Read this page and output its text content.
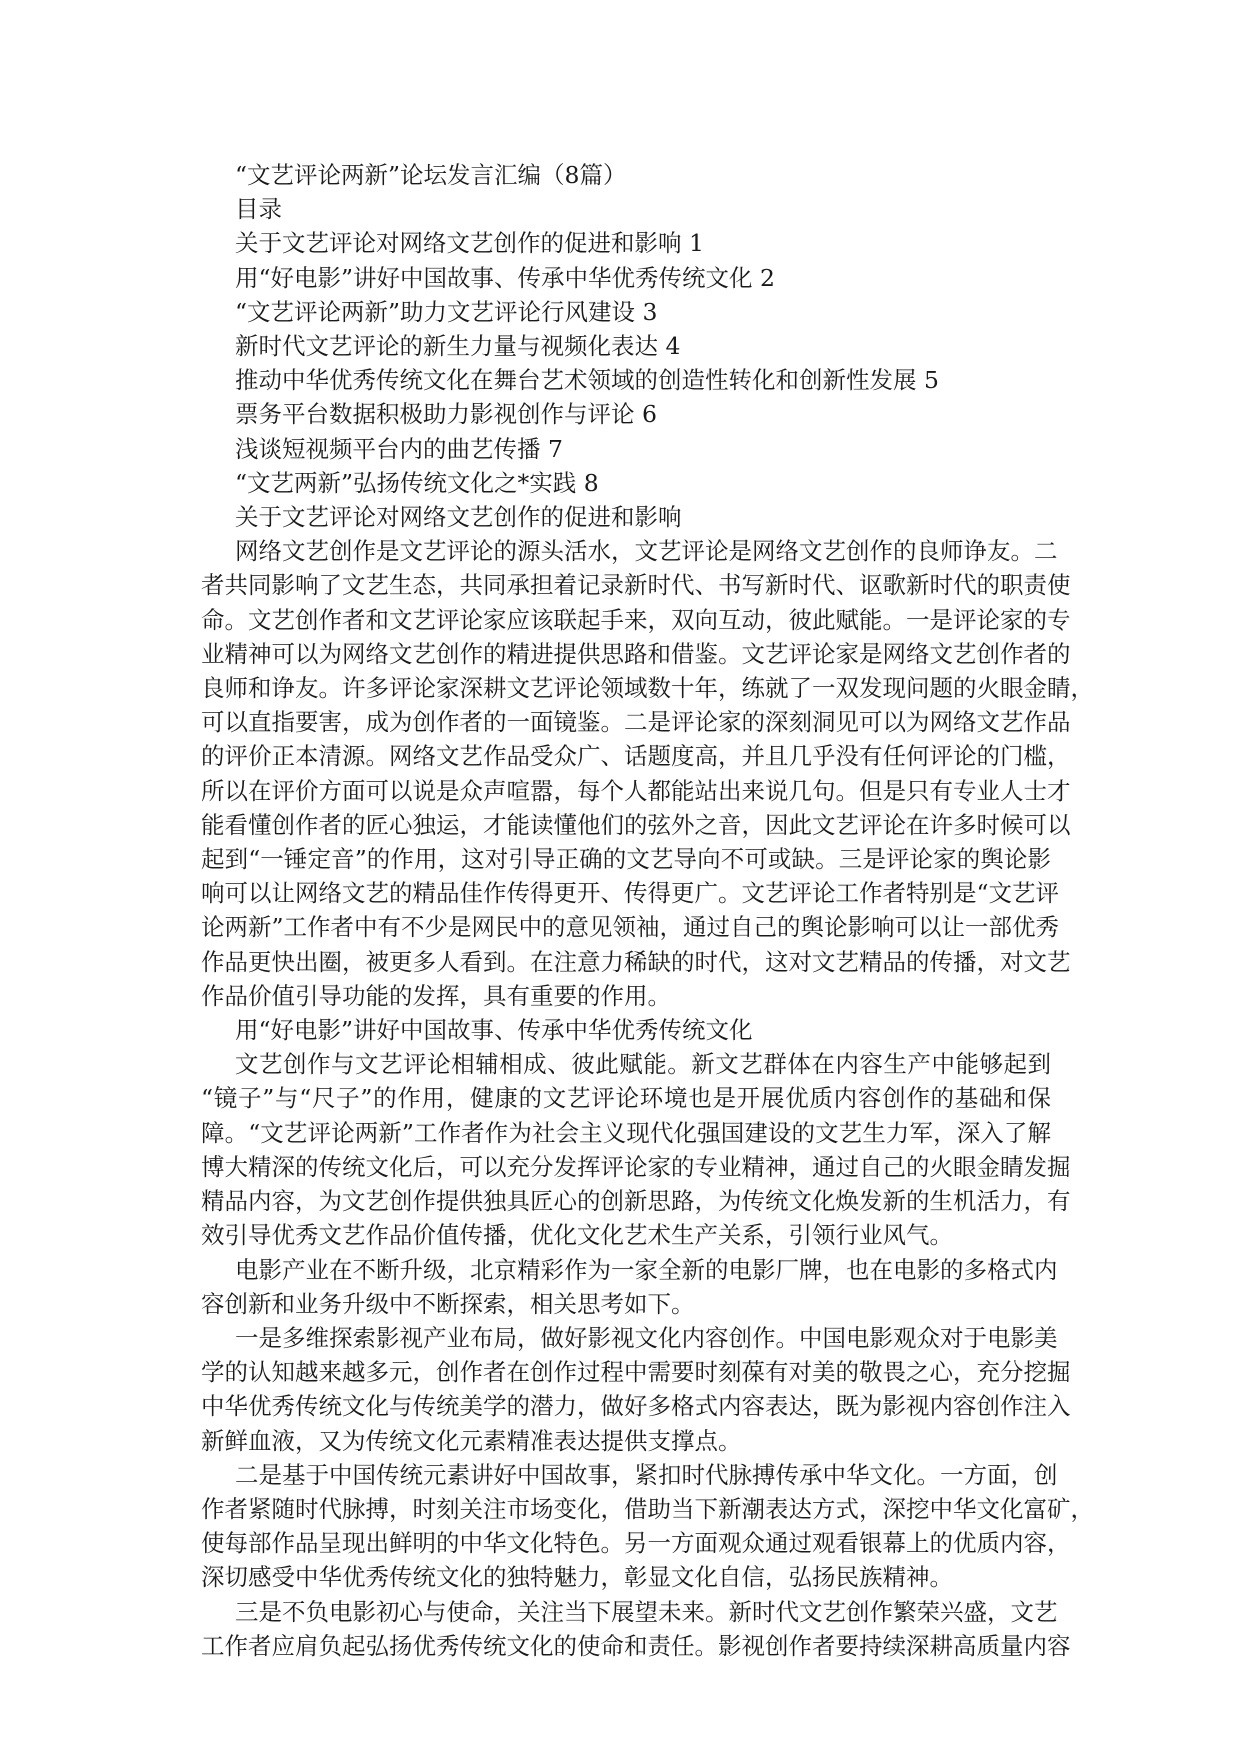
“文艺评论两新”论坛发言汇编（8篇）
目录
关于文艺评论对网络文艺创作的促进和影响 1
用“好电影”讲好中国故事、传承中华优秀传统文化 2
“文艺评论两新”助力文艺评论行风建设 3
新时代文艺评论的新生力量与视频化表达 4
推动中华优秀传统文化在舞台艺术领域的创造性转化和创新性发展 5
票务平台数据积极助力影视创作与评论 6
浅谈短视频平台内的曲艺传播 7
“文艺两新”弘扬传统文化之*实践 8
关于文艺评论对网络文艺创作的促进和影响
网络文艺创作是文艺评论的源头活水，文艺评论是网络文艺创作的良师诤友。二
者共同影响了文艺生态，共同承担着记录新时代、书写新时代、讴歌新时代的职责使
命。文艺创作者和文艺评论家应该联起手来，双向互动，彼此赋能。一是评论家的专
业精神可以为网络文艺创作的精进提供思路和借鉴。文艺评论家是网络文艺创作者的
良师和诤友。许多评论家深耕文艺评论领域数十年，练就了一双发现问题的火眼金睛，
可以直指要害，成为创作者的一面镜鉴。二是评论家的深刻洞见可以为网络文艺作品
的评价正本清源。网络文艺作品受众广、话题度高，并且几乎没有任何评论的门槛，
所以在评价方面可以说是众声喧嚣，每个人都能站出来说几句。但是只有专业人士才
能看懂创作者的匠心独运，才能读懂他们的弦外之音，因此文艺评论在许多时候可以
起到“一锤定音”的作用，这对引导正确的文艺导向不可或缺。三是评论家的舆论影
响可以让网络文艺的精品佳作传得更开、传得更广。文艺评论工作者特别是“文艺评
论两新”工作者中有不少是网民中的意见领袖，通过自己的舆论影响可以让一部优秀
作品更快出圈，被更多人看到。在注意力稀缺的时代，这对文艺精品的传播，对文艺
作品价值引导功能的发挥，具有重要的作用。
用“好电影”讲好中国故事、传承中华优秀传统文化
文艺创作与文艺评论相辅相成、彼此赋能。新文艺群体在内容生产中能够起到
“镜子”与“尺子”的作用，健康的文艺评论环境也是开展优质内容创作的基础和保
障。“文艺评论两新”工作者作为社会主义现代化强国建设的文艺生力军，深入了解
博大精深的传统文化后，可以充分发挥评论家的专业精神，通过自己的火眼金睛发掘
精品内容，为文艺创作提供独具匠心的创新思路，为传统文化焕发新的生机活力，有
效引导优秀文艺作品价值传播，优化文化艺术生产关系，引领行业风气。
电影产业在不断升级，北京精彩作为一家全新的电影厂牌，也在电影的多格式内
容创新和业务升级中不断探索，相关思考如下。
一是多维探索影视产业布局，做好影视文化内容创作。中国电影观众对于电影美
学的认知越来越多元，创作者在创作过程中需要时刻葆有对美的敬畏之心，充分挖掘
中华优秀传统文化与传统美学的潜力，做好多格式内容表达，既为影视内容创作注入
新鲜血液，又为传统文化元素精准表达提供支撑点。
二是基于中国传统元素讲好中国故事，紧扣时代脉搏传承中华文化。一方面，创
作者紧随时代脉搏，时刻关注市场变化，借助当下新潮表达方式，深挖中华文化富矿，
使每部作品呈现出鲜明的中华文化特色。另一方面观众通过观看银幕上的优质内容，
深切感受中华优秀传统文化的独特魅力，彰显文化自信，弘扬民族精神。
三是不负电影初心与使命，关注当下展望未来。新时代文艺创作繁荣兴盛，文艺
工作者应肩负起弘扬优秀传统文化的使命和责任。影视创作者要持续深耕高质量内容
